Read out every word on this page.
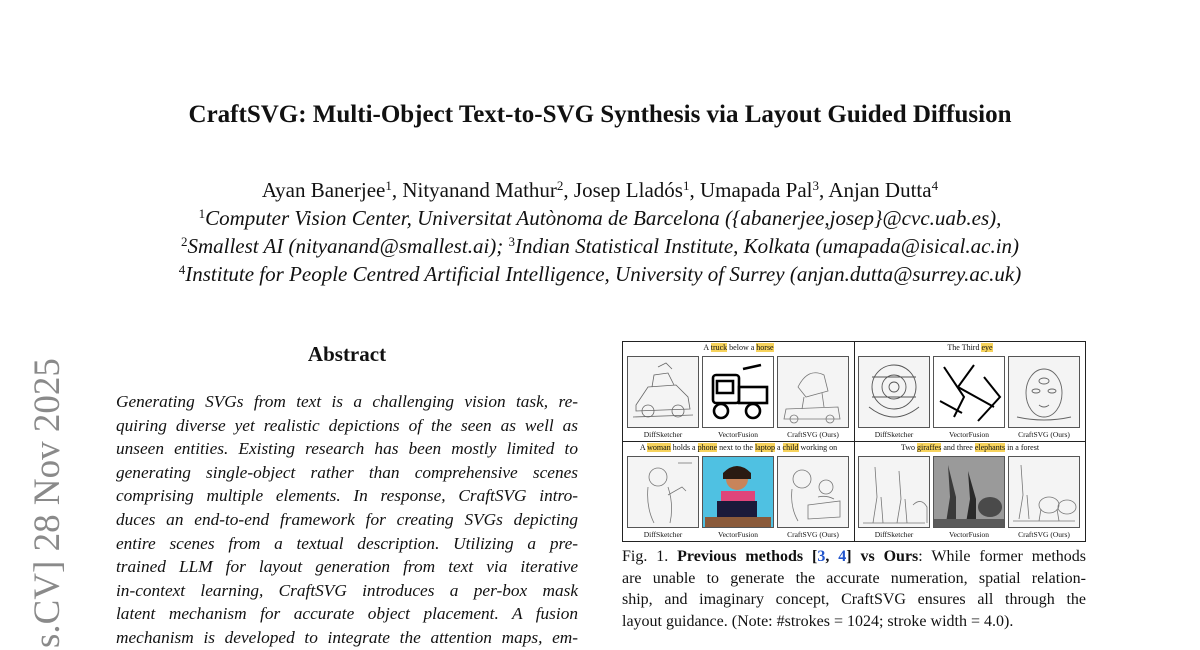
CraftSVG: Multi-Object Text-to-SVG Synthesis via Layout Guided Diffusion
Ayan Banerjee$^1$, Nityanand Mathur$^2$, Josep Lladós$^1$, Umapada Pal$^3$, Anjan Dutta$^4$
$^1$Computer Vision Center, Universitat Autònoma de Barcelona ({abanerjee,josep}@cvc.uab.es),
$^2$Smallest AI (nityanand@smallest.ai); $^3$Indian Statistical Institute, Kolkata (umapada@isical.ac.in)
$^4$Institute for People Centred Artificial Intelligence, University of Surrey (anjan.dutta@surrey.ac.uk)
s.CV] 28 Nov 2025
Abstract
Generating SVGs from text is a challenging vision task, re-
quiring diverse yet realistic depictions of the seen as well as
unseen entities. Existing research has been mostly limited to
generating single-object rather than comprehensive scenes
comprising multiple elements. In response, CraftSVG intro-
duces an end-to-end framework for creating SVGs depicting
entire scenes from a textual description. Utilizing a pre-
trained LLM for layout generation from text via iterative
in-context learning, CraftSVG introduces a per-box mask
latent mechanism for accurate object placement. A fusion
mechanism is developed to integrate the attention maps, em-
A truck below a horse
DiffSketcher	VectorFusion	CraftSVG (Ours)
The Third eye
DiffSketcher	VectorFusion	CraftSVG (Ours)
A woman holds a phone next to the laptop a child working on
DiffSketcher	VectorFusion	CraftSVG (Ours)
Two giraffes and three elephants in a forest
DiffSketcher	VectorFusion	CraftSVG (Ours)
Fig. 1. Previous methods [3, 4] vs Ours: While former methods
are unable to generate the accurate numeration, spatial relation-
ship, and imaginary concept, CraftSVG ensures all through the
layout guidance. (Note: #strokes = 1024; stroke width = 4.0).
